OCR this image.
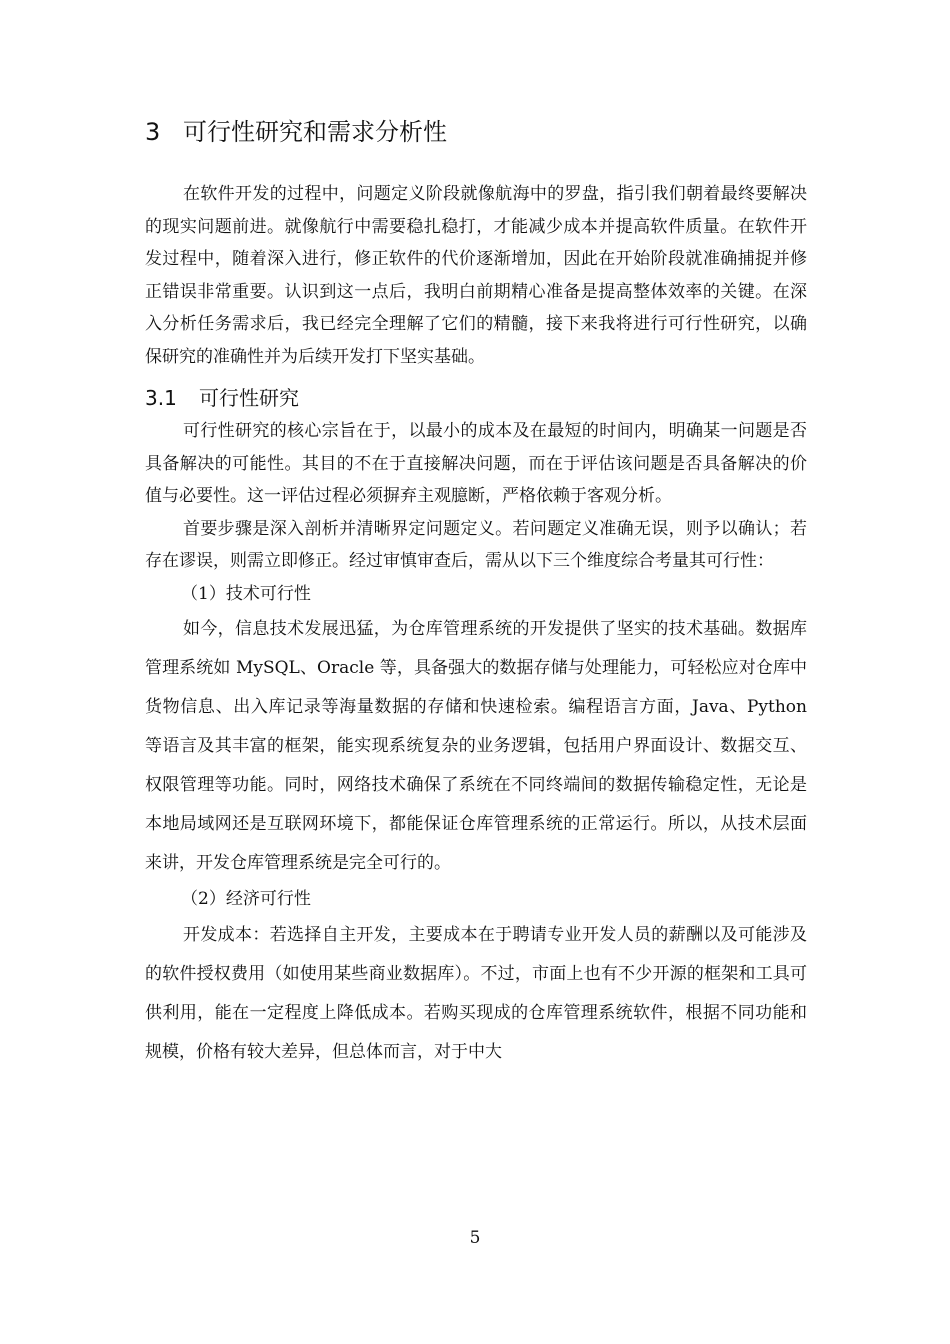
3 可行性研究和需求分析性

在软件开发的过程中，问题定义阶段就像航海中的罗盘，指引我们朝着最终要解决的现实问题前进。就像航行中需要稳扎稳打，才能减少成本并提高软件质量。在软件开发过程中，随着深入进行，修正软件的代价逐渐增加，因此在开始阶段就准确捕捉并修正错误非常重要。认识到这一点后，我明白前期精心准备是提高整体效率的关键。在深入分析任务需求后，我已经完全理解了它们的精髓，接下来我将进行可行性研究，以确保研究的准确性并为后续开发打下坚实基础。

3.1 可行性研究

可行性研究的核心宗旨在于，以最小的成本及在最短的时间内，明确某一问题是否具备解决的可能性。其目的不在于直接解决问题，而在于评估该问题是否具备解决的价值与必要性。这一评估过程必须摒弃主观臆断，严格依赖于客观分析。

首要步骤是深入剖析并清晰界定问题定义。若问题定义准确无误，则予以确认；若存在谬误，则需立即修正。经过审慎审查后，需从以下三个维度综合考量其可行性：

（1）技术可行性

如今，信息技术发展迅猛，为仓库管理系统的开发提供了坚实的技术基础。数据库管理系统如 MySQL、Oracle 等，具备强大的数据存储与处理能力，可轻松应对仓库中货物信息、出入库记录等海量数据的存储和快速检索。编程语言方面，Java、Python 等语言及其丰富的框架，能实现系统复杂的业务逻辑，包括用户界面设计、数据交互、权限管理等功能。同时，网络技术确保了系统在不同终端间的数据传输稳定性，无论是本地局域网还是互联网环境下，都能保证仓库管理系统的正常运行。所以，从技术层面来讲，开发仓库管理系统是完全可行的。

（2）经济可行性

开发成本：若选择自主开发，主要成本在于聘请专业开发人员的薪酬以及可能涉及的软件授权费用（如使用某些商业数据库）。不过，市面上也有不少开源的框架和工具可供利用，能在一定程度上降低成本。若购买现成的仓库管理系统软件，根据不同功能和规模，价格有较大差异，但总体而言，对于中大

5
